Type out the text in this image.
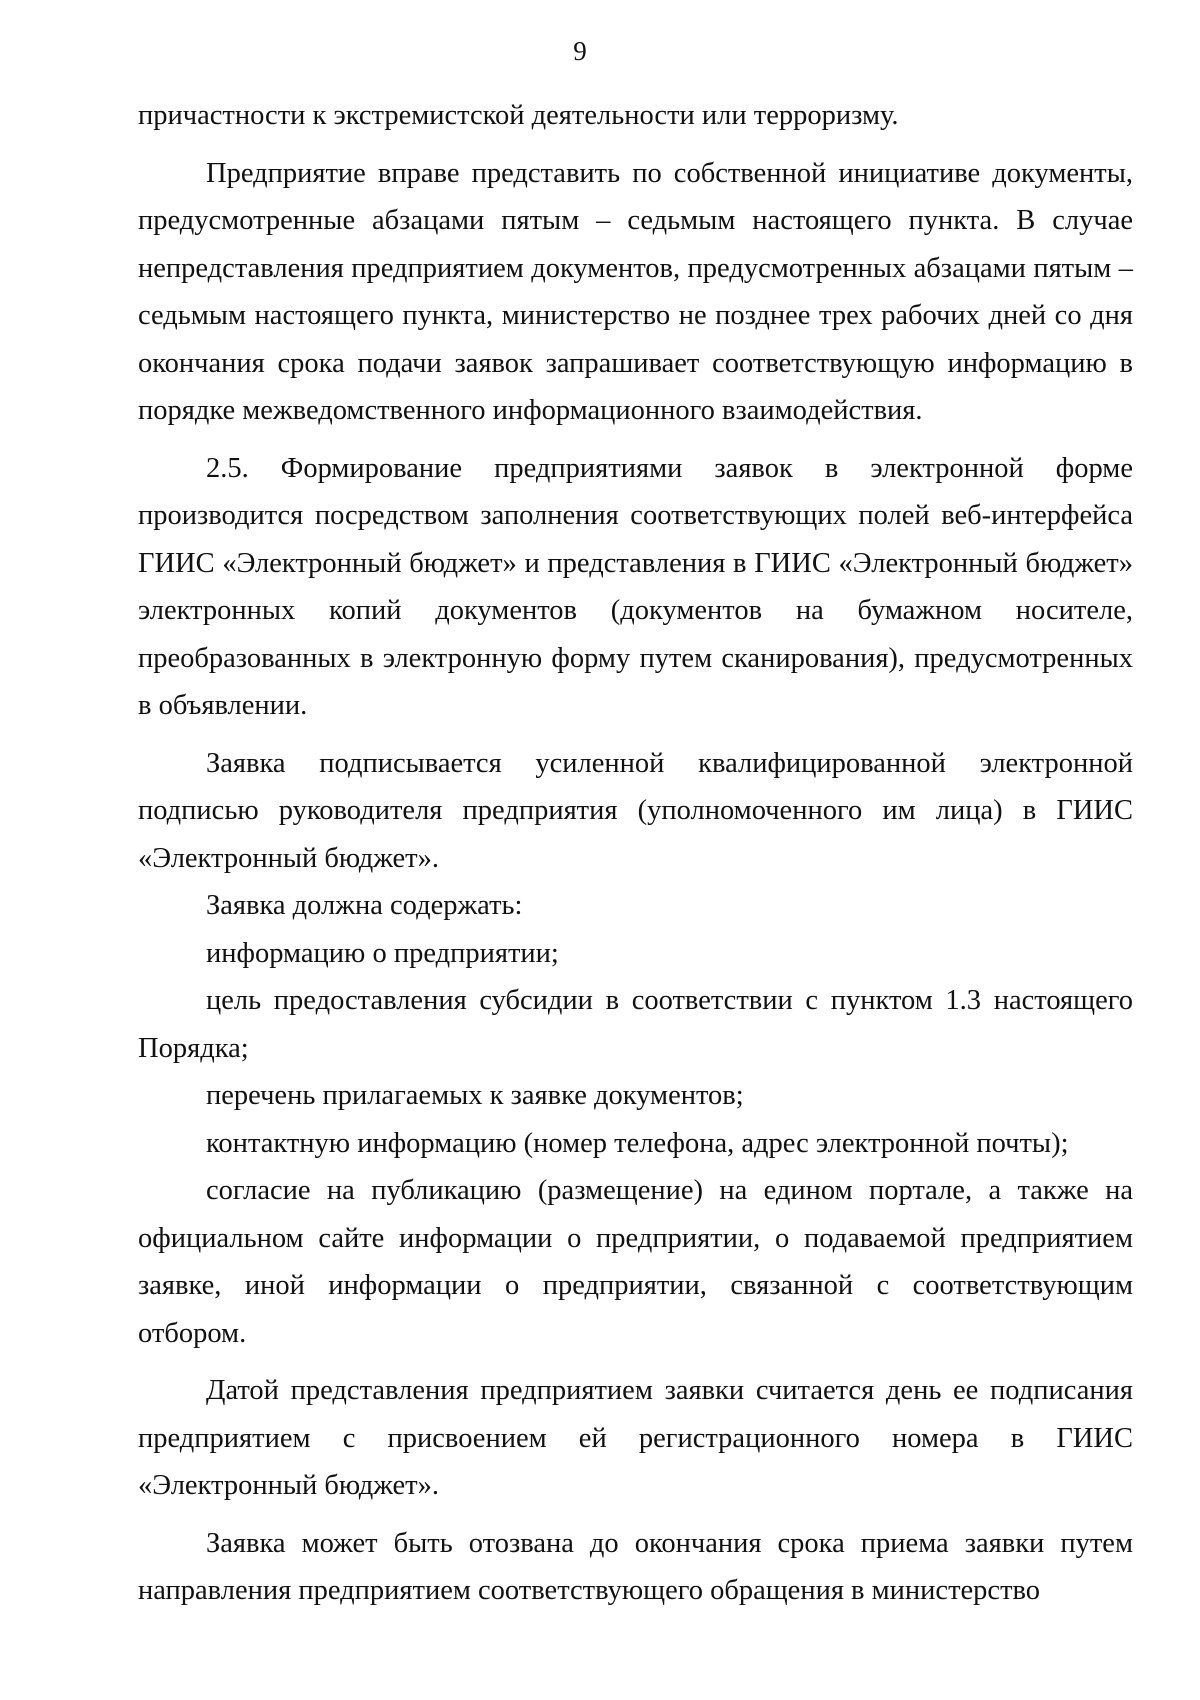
9

причастности к экстремистской деятельности или терроризму.

Предприятие вправе представить по собственной инициативе документы, предусмотренные абзацами пятым – седьмым настоящего пункта. В случае непредставления предприятием документов, предусмотренных абзацами пятым – седьмым настоящего пункта, министерство не позднее трех рабочих дней со дня окончания срока подачи заявок запрашивает соответствующую информацию в порядке межведомственного информационного взаимодействия.

2.5. Формирование предприятиями заявок в электронной форме производится посредством заполнения соответствующих полей веб-интерфейса ГИИС «Электронный бюджет» и представления в ГИИС «Электронный бюджет» электронных копий документов (документов на бумажном носителе, преобразованных в электронную форму путем сканирования), предусмотренных в объявлении.

Заявка подписывается усиленной квалифицированной электронной подписью руководителя предприятия (уполномоченного им лица) в ГИИС «Электронный бюджет».

Заявка должна содержать:

информацию о предприятии;

цель предоставления субсидии в соответствии с пунктом 1.3 настоящего Порядка;

перечень прилагаемых к заявке документов;

контактную информацию (номер телефона, адрес электронной почты);

согласие на публикацию (размещение) на едином портале, а также на официальном сайте информации о предприятии, о подаваемой предприятием заявке, иной информации о предприятии, связанной с соответствующим отбором.

Датой представления предприятием заявки считается день ее подписания предприятием с присвоением ей регистрационного номера в ГИИС «Электронный бюджет».

Заявка может быть отозвана до окончания срока приема заявки путем направления предприятием соответствующего обращения в министерство
